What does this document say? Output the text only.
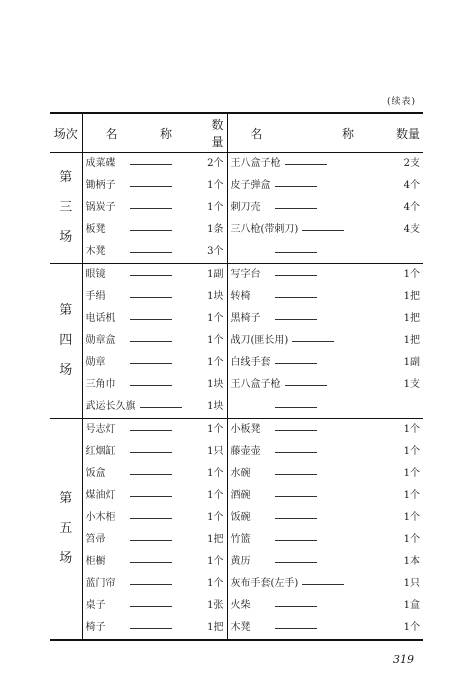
( 续表 )
场次	名 称	数量	名 称	数量

第
三
场	成菜碟	2个	王八盒子枪	2支
	锄柄子	1个	皮子弹盒	4个
	锅炭子	1个	刺刀壳	4个
	板凳	1条	三八枪(带刺刀)	4支
	木凳	3个		

第
四
场	眼镜	1副	写字台	1个
	手绢	1块	转椅	1把
	电话机	1个	黑椅子	1把
	勋章盒	1个	战刀(匪长用)	1把
	勋章	1个	白线手套	1副
	三角巾	1块	王八盒子枪	1支
	武运长久旗	1块		

第
五
场	号志灯	1个	小板凳	1个
	红烟缸	1只	藤壶壶	1个
	饭盒	1个	水碗	1个
	煤油灯	1个	酒碗	1个
	小木柜	1个	饭碗	1个
	笤帚	1把	竹篮	1个
	柜橱	1个	黄历	1本
	蓝门帘	1个	灰布手套(左手)	1只
	桌子	1张	火柴	1盒
	椅子	1把	木凳	1个
319
